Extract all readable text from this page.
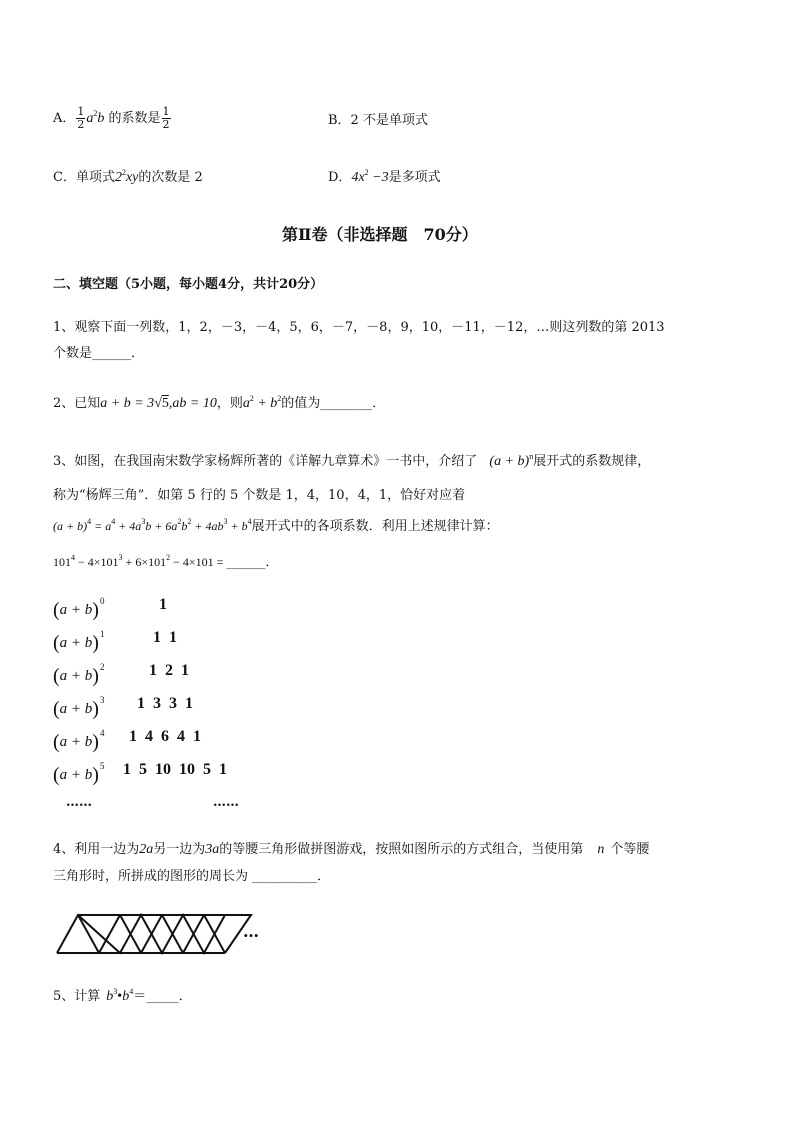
A． $\frac{1}{2} a^2b$ 的系数是 $\frac{1}{2}$	B．2 不是单项式
C．单项式$2^2xy$的次数是 2	D．$4x^2 -3$是多项式
第Ⅱ卷（非选择题　70分）
二、填空题（5小题，每小题4分，共计20分）
1、观察下面一列数，1，2，－3，－4，5，6，－7，－8，9，10，－11，－12，…则这列数的第 2013
个数是______．
2、已知a + b = 3√5,ab = 10，则$a^2 + b^2$的值为________．
3、如图，在我国南宋数学家杨辉所著的《详解九章算术》一书中，介绍了 $(a + b)^n$展开式的系数规律，
称为“杨辉三角”．如第 5 行的 5 个数是 1，4，10，4，1，恰好对应着
$(a + b)^4 = a^4 + 4a^3b + 6a^2b^2 + 4ab^3 + b^4$展开式中的各项系数．利用上述规律计算：
$101^4 - 4\times 101^3 + 6\times 101^2 - 4\times 101$ = ______．
$(a + b)^0$	1
$(a + b)^1$	1 1
$(a + b)^2$	1 2 1
$(a + b)^3$ 1 3 3 1
$(a + b)^4$ 1 4 6 4 1
$(a + b)^5$ 1 5 10 10 5 1
……	……
4、利用一边为2a另一边为3a的等腰三角形做拼图游戏，按照如图所示的方式组合，当使用第 n 个等腰
三角形时，所拼成的图形的周长为 __________．
…
5、计算 $b^3•b^4=\_\_\_\_\_$．
